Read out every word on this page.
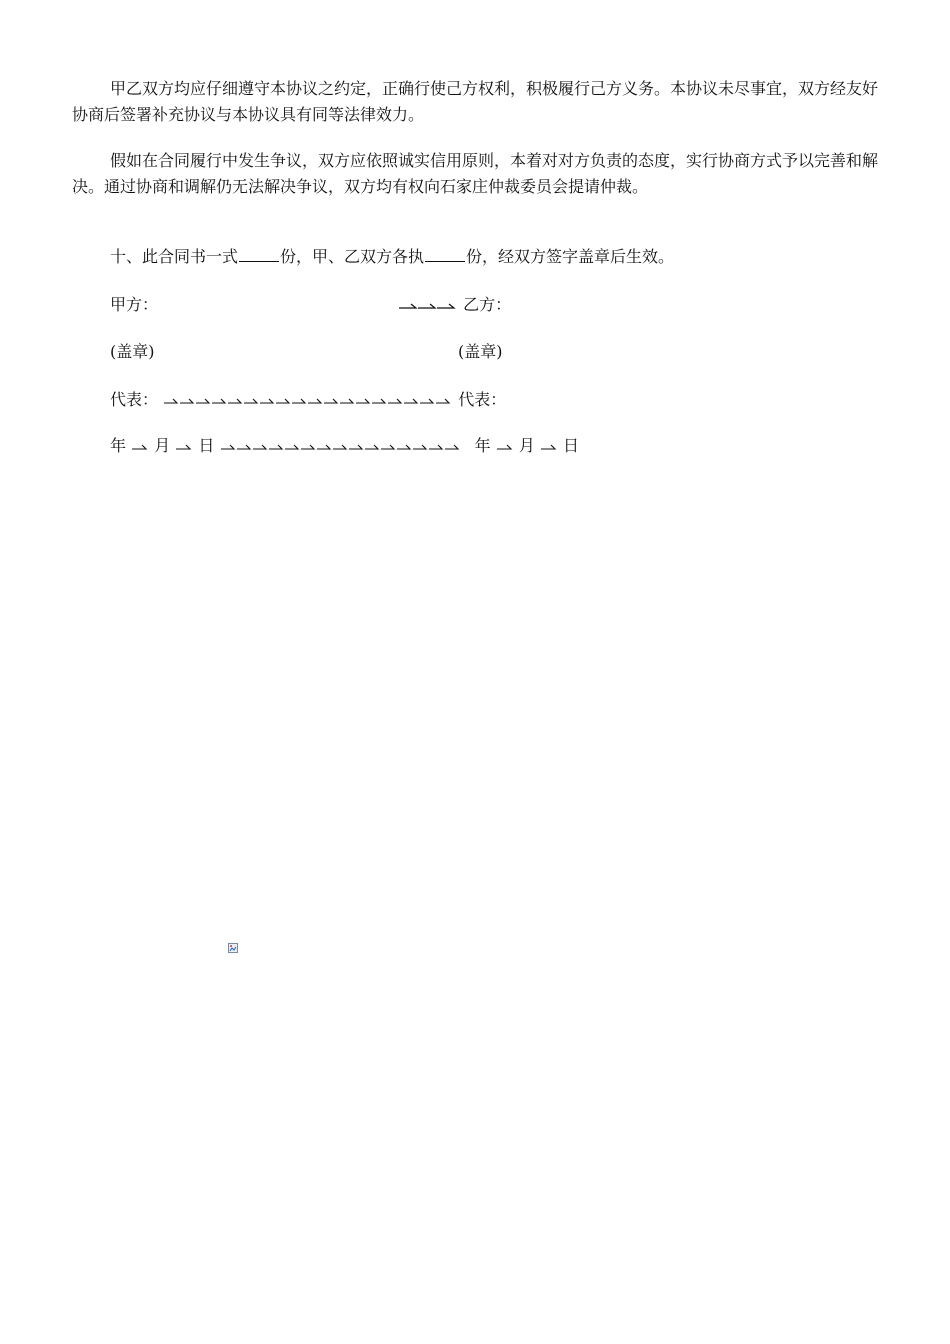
甲乙双方均应仔细遵守本协议之约定，正确行使己方权利，积极履行己方义务。本协议未尽事宜，双方经友好协商后签署补充协议与本协议具有同等法律效力。

假如在合同履行中发生争议，双方应依照诚实信用原则，本着对对方负责的态度，实行协商方式予以完善和解决。通过协商和调解仍无法解决争议，双方均有权向石家庄仲裁委员会提请仲裁。

十、此合同书一式	份，甲、乙双方各执	份，经双方签字盖章后生效。
甲方：	乙方：
(盖章)	(盖章)
代表：	代表：
年 月 日	年 月 日
